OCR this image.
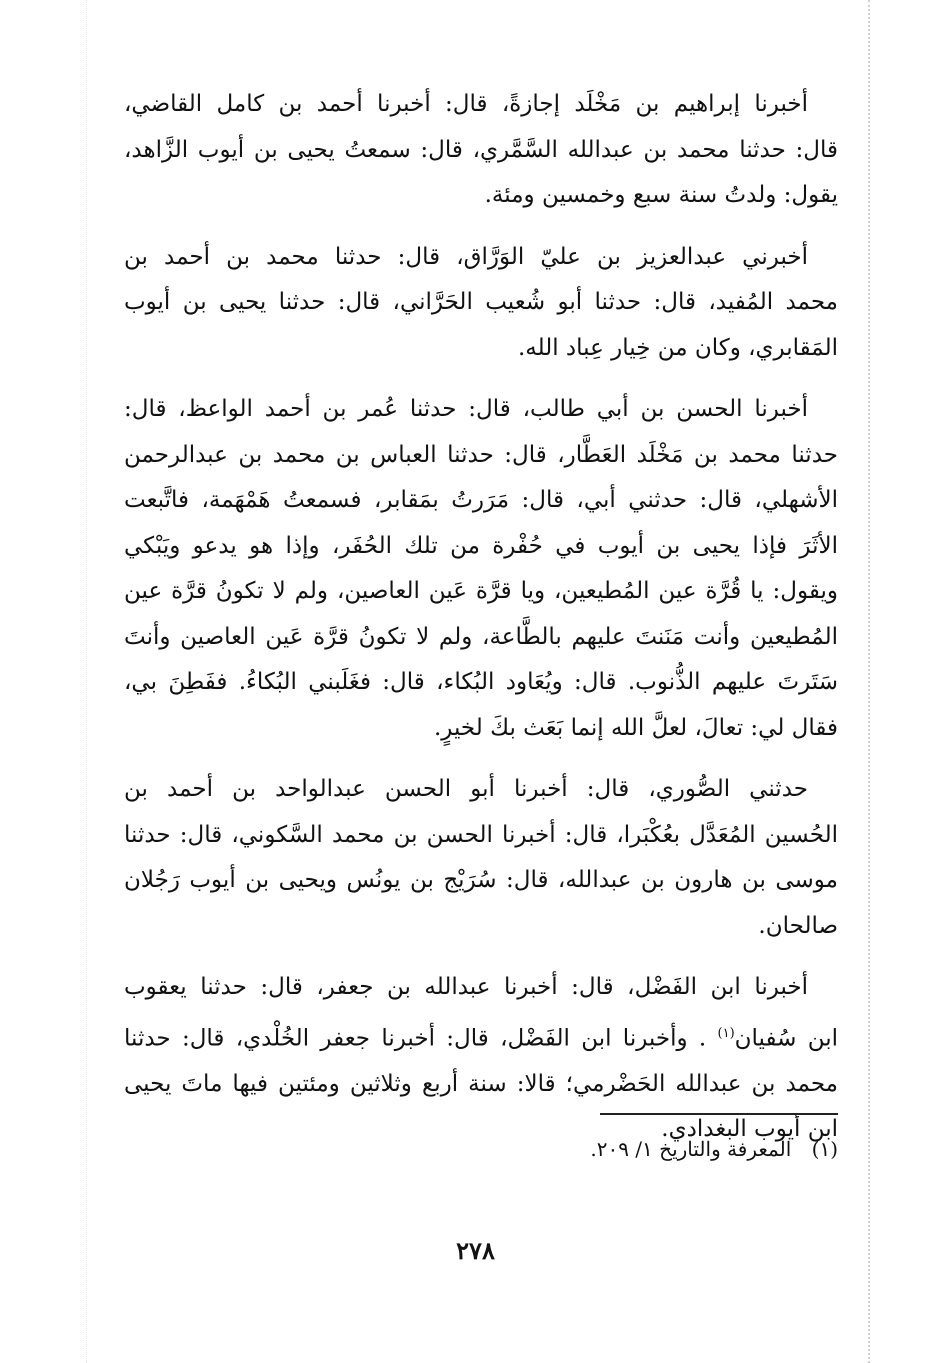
أخبرنا إبراهيم بن مَخْلَد إجازةً، قال: أخبرنا أحمد بن كامل القاضي،
قال: حدثنا محمد بن عبدالله السَّمَّري، قال: سمعتُ يحيى بن أيوب الزَّاهد،
يقول: ولدتُ سنة سبع وخمسين ومئة.

أخبرني عبدالعزيز بن عليّ الوَرَّاق، قال: حدثنا محمد بن أحمد بن
محمد المُفيد، قال: حدثنا أبو شُعيب الحَرَّاني، قال: حدثنا يحيى بن أيوب
المَقابري، وكان من خِيار عِباد الله.

أخبرنا الحسن بن أبي طالب، قال: حدثنا عُمر بن أحمد الواعظ، قال:
حدثنا محمد بن مَخْلَد العَطَّار، قال: حدثنا العباس بن محمد بن عبدالرحمن
الأشهلي، قال: حدثني أبي، قال: مَرَرتُ بمَقابر، فسمعتُ هَمْهَمة، فاتَّبعت
الأثَرَ فإذا يحيى بن أيوب في حُفْرة من تلك الحُفَر، وإذا هو يدعو ويَبْكي
ويقول: يا قُرَّة عين المُطيعين، ويا قرَّة عَين العاصين، ولم لا تكونُ قرَّة عين
المُطيعين وأنت مَنَنتَ عليهم بالطَّاعة، ولم لا تكونُ قرَّة عَين العاصين وأنتَ
سَتَرتَ عليهم الذُّنوب. قال: ويُعَاود البُكاء، قال: فغَلَبني البُكاءُ. ففَطِنَ بي،
فقال لي: تعالَ، لعلَّ الله إنما بَعَث بكَ لخيرٍ.

حدثني الصُّوري، قال: أخبرنا أبو الحسن عبدالواحد بن أحمد بن
الحُسين المُعَدَّل بعُكْبَرا، قال: أخبرنا الحسن بن محمد السَّكوني، قال: حدثنا
موسى بن هارون بن عبدالله، قال: سُرَيْج بن يونُس ويحيى بن أيوب رَجُلان
صالحان.

أخبرنا ابن الفَضْل، قال: أخبرنا عبدالله بن جعفر، قال: حدثنا يعقوب
ابن سُفيان$^{(١)}$ . وأخبرنا ابن الفَضْل، قال: أخبرنا جعفر الخُلْدي، قال: حدثنا
محمد بن عبدالله الحَضْرمي؛ قالا: سنة أربع وثلاثين ومئتين فيها ماتَ يحيى
ابن أيوب البغدادي.

(١) المعرفة والتاريخ ١/ ٢٠٩.
٢٧٨
